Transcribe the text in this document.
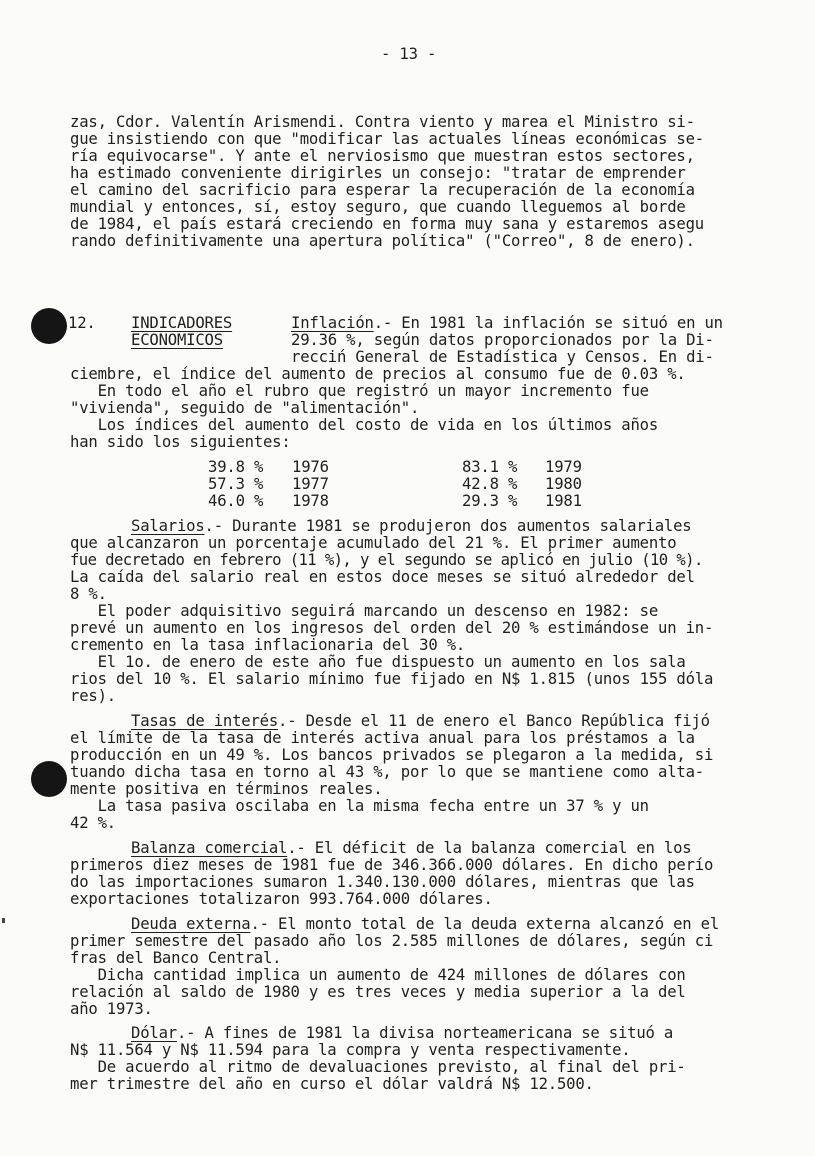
- 13 -
zas, Cdor. Valentín Arismendi. Contra viento y marea el Ministro si-
gue insistiendo con que "modificar las actuales líneas económicas se-
ría equivocarse". Y ante el nerviosismo que muestran estos sectores,
ha estimado conveniente dirigirles un consejo: "tratar de emprender
el camino del sacrificio para esperar la recuperación de la economía
mundial y entonces, sí, estoy seguro, que cuando lleguemos al borde
de 1984, el país estará creciendo en forma muy sana y estaremos asegu
rando definitivamente una apertura política" ("Correo", 8 de enero).
12. INDICADORES
ECONOMICOS
Inflación.- En 1981 la inflación se situó en un
29.36 %, según datos proporcionados por la Di-
recciń General de Estadística y Censos. En di-
ciembre, el índice del aumento de precios al consumo fue de 0.03 %.
En todo el año el rubro que registró un mayor incremento fue
"vivienda", seguido de "alimentación".
Los índices del aumento del costo de vida en los últimos años
han sido los siguientes:
39.8 % 1976
57.3 % 1977
46.0 % 1978
83.1 % 1979
42.8 % 1980
29.3 % 1981
Salarios.- Durante 1981 se produjeron dos aumentos salariales
que alcanzaron un porcentaje acumulado del 21 %. El primer aumento
fue decretado en febrero (11 %), y el segundo se aplicó en julio (10 %).
La caída del salario real en estos doce meses se situó alrededor del
8 %.
El poder adquisitivo seguirá marcando un descenso en 1982: se
prevé un aumento en los ingresos del orden del 20 % estimándose un in-
cremento en la tasa inflacionaria del 30 %.
El 1o. de enero de este año fue dispuesto un aumento en los sala
rios del 10 %. El salario mínimo fue fijado en N$ 1.815 (unos 155 dóla
res).
Tasas de interés.- Desde el 11 de enero el Banco República fijó
el límite de la tasa de interés activa anual para los préstamos a la
producción en un 49 %. Los bancos privados se plegaron a la medida, si
tuando dicha tasa en torno al 43 %, por lo que se mantiene como alta-
mente positiva en términos reales.
La tasa pasiva oscilaba en la misma fecha entre un 37 % y un
42 %.
Balanza comercial.- El déficit de la balanza comercial en los
primeros diez meses de 1981 fue de 346.366.000 dólares. En dicho perío
do las importaciones sumaron 1.340.130.000 dólares, mientras que las
exportaciones totalizaron 993.764.000 dólares.
Deuda externa.- El monto total de la deuda externa alcanzó en el
primer semestre del pasado año los 2.585 millones de dólares, según ci
fras del Banco Central.
Dicha cantidad implica un aumento de 424 millones de dólares con
relación al saldo de 1980 y es tres veces y media superior a la del
año 1973.
Dólar.- A fines de 1981 la divisa norteamericana se situó a
N$ 11.564 y N$ 11.594 para la compra y venta respectivamente.
De acuerdo al ritmo de devaluaciones previsto, al final del pri-
mer trimestre del año en curso el dólar valdrá N$ 12.500.
